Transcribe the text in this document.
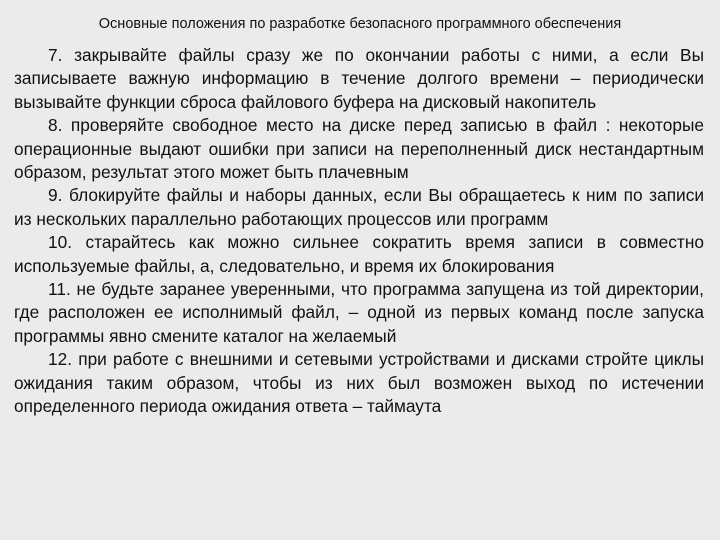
Основные положения по разработке безопасного программного обеспечения

7. закрывайте файлы сразу же по окончании работы с ними, а если Вы записываете важную информацию в течение долгого времени – периодически вызывайте функции сброса файлового буфера на дисковый накопитель

8. проверяйте свободное место на диске перед записью в файл : некоторые операционные выдают ошибки при записи на переполненный диск нестандартным образом, результат этого может быть плачевным

9. блокируйте файлы и наборы данных, если Вы обращаетесь к ним по записи из нескольких параллельно работающих процессов или программ

10. старайтесь как можно сильнее сократить время записи в совместно используемые файлы, а, следовательно, и время их блокирования

11. не будьте заранее уверенными, что программа запущена из той директории, где расположен ее исполнимый файл, – одной из первых команд после запуска программы явно смените каталог на желаемый

12. при работе с внешними и сетевыми устройствами и дисками стройте циклы ожидания таким образом, чтобы из них был возможен выход по истечении определенного периода ожидания ответа – таймаута
